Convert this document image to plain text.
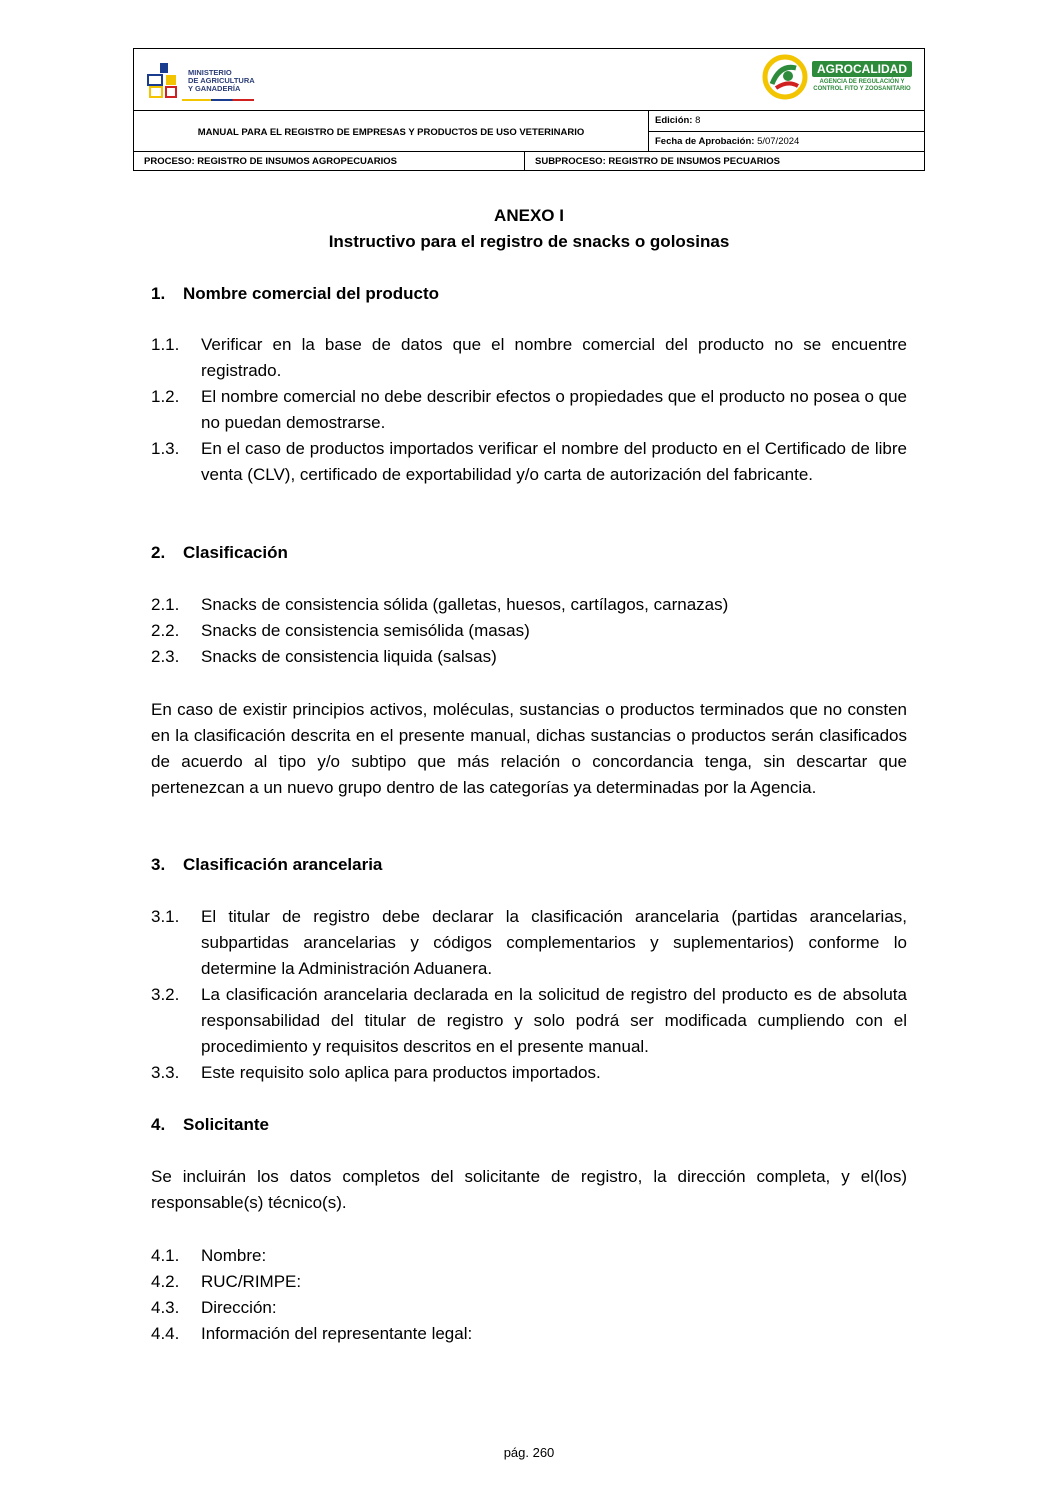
MINISTERIO
DE AGRICULTURA
Y GANADERÍA
AGROCALIDAD
AGENCIA DE REGULACIÓN Y
CONTROL FITO Y ZOOSANITARIO
MANUAL PARA EL REGISTRO DE EMPRESAS Y PRODUCTOS DE USO VETERINARIO
Edición:
8
Fecha de Aprobación:
5/07/2024
PROCESO: REGISTRO DE INSUMOS AGROPECUARIOS	SUBPROCESO: REGISTRO DE INSUMOS PECUARIOS
ANEXO I
Instructivo para el registro de snacks o golosinas
1.	Nombre comercial del producto
1.1.	Verificar en la base de datos que el nombre comercial del producto no se encuentre registrado.
1.2.	El nombre comercial no debe describir efectos o propiedades que el producto no posea o que no puedan demostrarse.
1.3.	En el caso de productos importados verificar el nombre del producto en el Certificado de libre venta (CLV), certificado de exportabilidad y/o carta de autorización del fabricante.
2.	Clasificación
2.1.	Snacks de consistencia sólida (galletas, huesos, cartílagos, carnazas)
2.2.	Snacks de consistencia semisólida (masas)
2.3.	Snacks de consistencia liquida (salsas)
En caso de existir principios activos, moléculas, sustancias o productos terminados que no consten en la clasificación descrita en el presente manual, dichas sustancias o productos serán clasificados de acuerdo al tipo y/o subtipo que más relación o concordancia tenga, sin descartar que pertenezcan a un nuevo grupo dentro de las categorías ya determinadas por la Agencia.
3.	Clasificación arancelaria
3.1.	El titular de registro debe declarar la clasificación arancelaria (partidas arancelarias, subpartidas arancelarias y códigos complementarios y suplementarios) conforme lo determine la Administración Aduanera.
3.2.	La clasificación arancelaria declarada en la solicitud de registro del producto es de absoluta responsabilidad del titular de registro y solo podrá ser modificada cumpliendo con el procedimiento y requisitos descritos en el presente manual.
3.3.	Este requisito solo aplica para productos importados.
4.	Solicitante
Se incluirán los datos completos del solicitante de registro, la dirección completa, y el(los) responsable(s) técnico(s).
4.1.	Nombre:
4.2.	RUC/RIMPE:
4.3.	Dirección:
4.4.	Información del representante legal:
pág. 260
